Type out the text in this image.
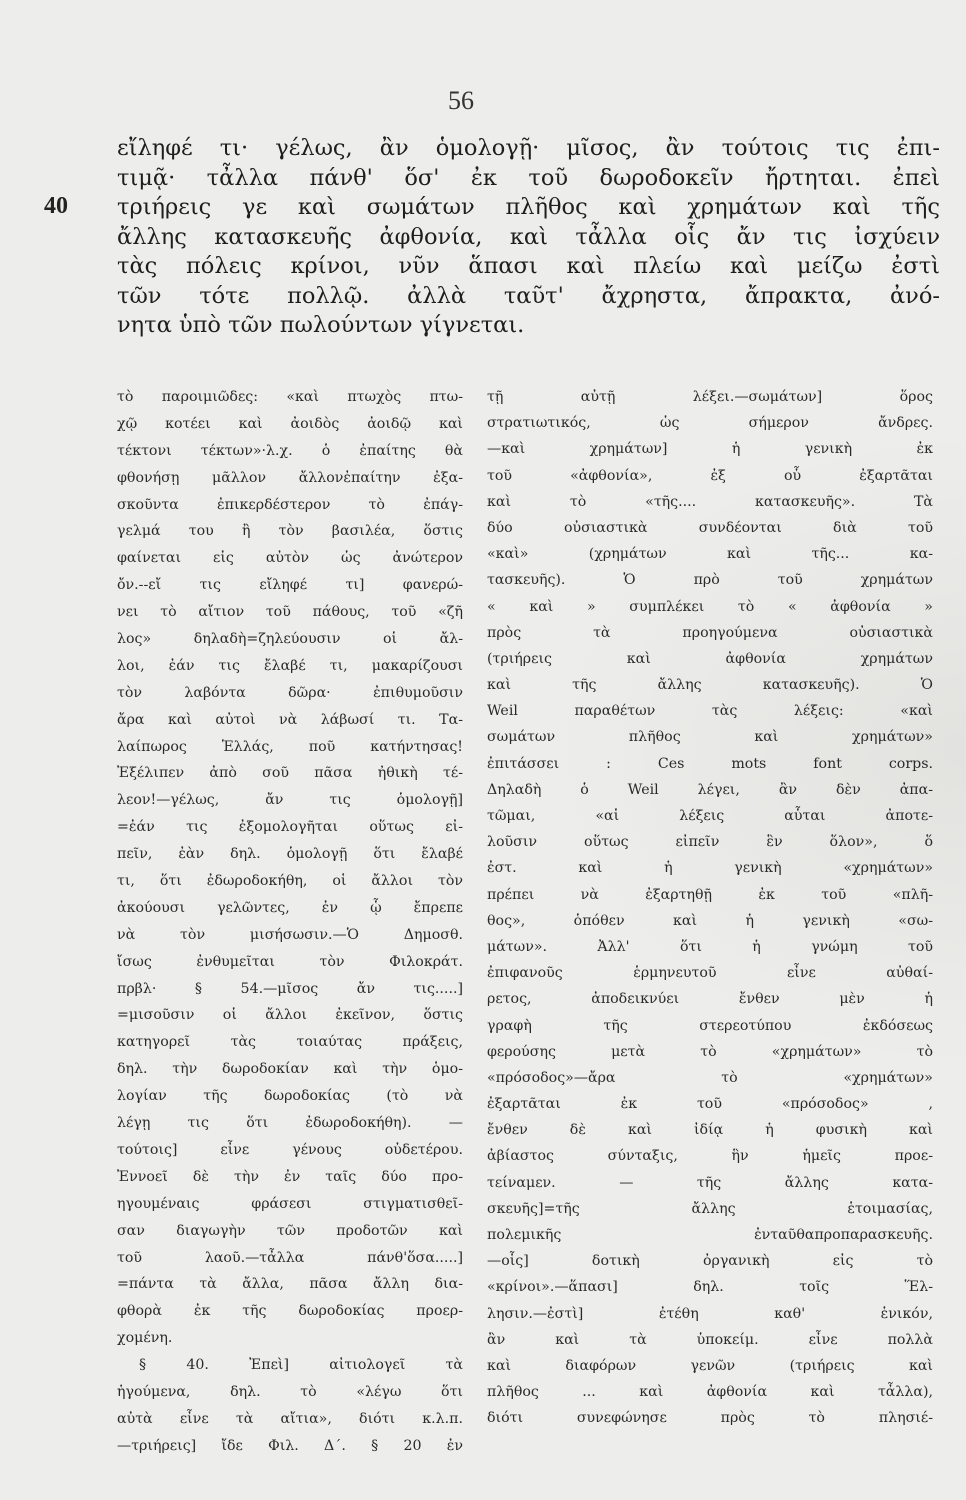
56
40
εἴληφέ τι· γέλως, ἂν ὁμολογῇ· μῖσος, ἂν τούτοις τις ἐπι-
τιμᾷ· τἆλλα πάνθ' ὅσ' ἐκ τοῦ δωροδοκεῖν ἤρτηται. ἐπεὶ
τριήρεις γε καὶ σωμάτων πλῆθος καὶ χρημάτων καὶ τῆς
ἄλλης κατασκευῆς ἀφθονία, καὶ τἆλλα οἷς ἄν τις ἰσχύειν
τὰς πόλεις κρίνοι, νῦν ἅπασι καὶ πλείω καὶ μείζω ἐστὶ
τῶν τότε πολλῷ. ἀλλὰ ταῦτ' ἄχρηστα, ἄπρακτα, ἀνό-
νητα ὑπὸ τῶν πωλούντων γίγνεται.
τὸ παροιμιῶδες: «καὶ πτωχὸς πτω-
χῷ κοτέει καὶ ἀοιδὸς ἀοιδῷ καὶ
τέκτονι τέκτων»·λ.χ. ὁ ἐπαίτης θὰ
φθονήσῃ μᾶλλον ἄλλονἐπαίτην ἐξα-
σκοῦντα ἐπικερδέστερον τὸ ἐπάγ-
γελμά του ἢ τὸν βασιλέα, ὅστις
φαίνεται εἰς αὐτὸν ὡς ἀνώτερον
ὄν.--εἴ τις εἴληφέ τι] φανερώ-
νει τὸ αἴτιον τοῦ πάθους, τοῦ «ζῆ
λος» δηλαδὴ=ζηλεύουσιν οἱ ἄλ-
λοι, ἐάν τις ἔλαβέ τι, μακαρίζουσι
τὸν λαβόντα δῶρα· ἐπιθυμοῦσιν
ἄρα καὶ αὐτοὶ νὰ λάβωσί τι. Τα-
λαίπωρος Ἑλλάς, ποῦ κατήντησας!
Ἐξέλιπεν ἀπὸ σοῦ πᾶσα ἠθικὴ τέ-
λεον!—γέλως, ἄν τις ὁμολογῇ]
=ἐάν τις ἐξομολογῆται οὕτως εἰ-
πεῖν, ἐὰν δηλ. ὁμολογῇ ὅτι ἔλαβέ
τι, ὅτι ἐδωροδοκήθη, οἱ ἄλλοι τὸν
ἀκούουσι γελῶντες, ἐν ᾧ ἔπρεπε
νὰ τὸν μισήσωσιν.—Ὁ Δημοσθ.
ἴσως ἐνθυμεῖται τὸν Φιλοκράτ.
πρβλ· § 54.—μῖσος ἄν τις.....]
=μισοῦσιν οἱ ἄλλοι ἐκεῖνον, ὅστις
κατηγορεῖ τὰς τοιαύτας πράξεις,
δηλ. τὴν δωροδοκίαν καὶ τὴν ὁμο-
λογίαν τῆς δωροδοκίας (τὸ νὰ
λέγῃ τις ὅτι ἐδωροδοκήθη). —
τούτοις] εἶνε γένους οὐδετέρου.
Ἐννοεῖ δὲ τὴν ἐν ταῖς δύο προ-
ηγουμέναις φράσεσι στιγματισθεῖ-
σαν διαγωγὴν τῶν προδοτῶν καὶ
τοῦ λαοῦ.—τἆλλα πάνθ'ὅσα.....]
=πάντα τὰ ἄλλα, πᾶσα ἄλλη δια-
φθορὰ ἐκ τῆς δωροδοκίας προερ-
χομένη.
§ 40. Ἐπεὶ] αἰτιολογεῖ τὰ
ἡγούμενα, δηλ. τὸ «λέγω ὅτι
αὐτὰ εἶνε τὰ αἴτια», διότι κ.λ.π.
—τριήρεις] ἴδε Φιλ. Δ΄. § 20 ἐν
τῇ αὐτῇ λέξει.—σωμάτων] ὅρος
στρατιωτικός, ὡς σήμερον ἄνδρες.
—καὶ χρημάτων] ἡ γενικὴ ἐκ
τοῦ «ἀφθονία», ἐξ οὗ ἐξαρτᾶται
καὶ τὸ «τῆς.... κατασκευῆς». Τὰ
δύο οὐσιαστικὰ συνδέονται διὰ τοῦ
«καὶ» (χρημάτων καὶ τῆς... κα-
τασκευῆς). Ὁ πρὸ τοῦ χρημάτων
« καὶ » συμπλέκει τὸ « ἀφθονία »
πρὸς τὰ προηγούμενα οὐσιαστικὰ
(τριήρεις καὶ ἀφθονία χρημάτων
καὶ τῆς ἄλλης κατασκευῆς). Ὁ
Weil παραθέτων τὰς λέξεις: «καὶ
σωμάτων πλῆθος καὶ χρημάτων»
ἐπιτάσσει : Ces mots font corps.
Δηλαδὴ ὁ Weil λέγει, ἂν δὲν ἀπα-
τῶμαι, «αἱ λέξεις αὗται ἀποτε-
λοῦσιν οὕτως εἰπεῖν ἓν ὅλον», ὅ
ἐστ. καὶ ἡ γενικὴ «χρημάτων»
πρέπει νὰ ἐξαρτηθῇ ἐκ τοῦ «πλῆ-
θος», ὁπόθεν καὶ ἡ γενικὴ «σω-
μάτων». Ἀλλ' ὅτι ἡ γνώμη τοῦ
ἐπιφανοῦς ἑρμηνευτοῦ εἶνε αὐθαί-
ρετος, ἀποδεικνύει ἔνθεν μὲν ἡ
γραφὴ τῆς στερεοτύπου ἐκδόσεως
φερούσης μετὰ τὸ «χρημάτων» τὸ
«πρόσοδος»—ἄρα τὸ «χρημάτων»
ἐξαρτᾶται ἐκ τοῦ «πρόσοδος» ,
ἔνθεν δὲ καὶ ἰδίᾳ ἡ φυσικὴ καὶ
ἀβίαστος σύνταξις, ἣν ἡμεῖς προε-
τείναμεν. — τῆς ἄλλης κατα-
σκευῆς]=τῆς ἄλλης ἑτοιμασίας,
πολεμικῆς ἐνταῦθαπροπαρασκευῆς.
—οἷς] δοτικὴ ὀργανικὴ εἰς τὸ
«κρίνοι».—ἅπασι] δηλ. τοῖς Ἕλ-
λησιν.—ἐστὶ] ἐτέθη καθ' ἑνικόν,
ἂν καὶ τὰ ὑποκείμ. εἶνε πολλὰ
καὶ διαφόρων γενῶν (τριήρεις καὶ
πλῆθος ... καὶ ἀφθονία καὶ τἆλλα),
διότι συνεφώνησε πρὸς τὸ πλησιέ-
